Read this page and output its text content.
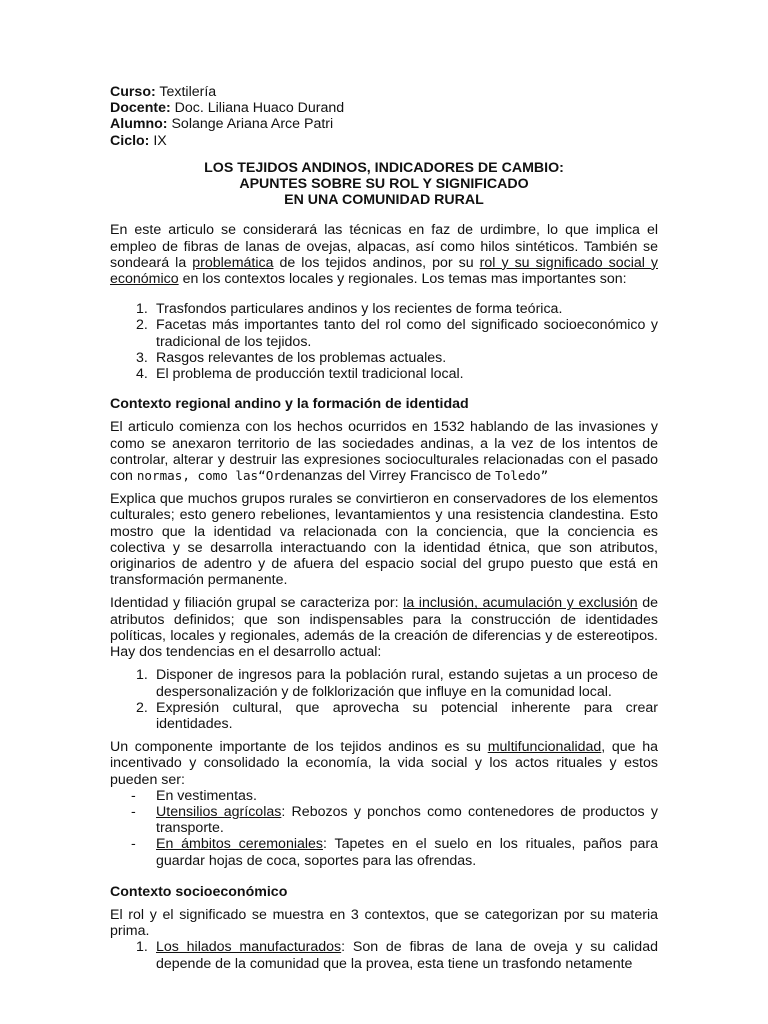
Curso: Textilería
Docente: Doc. Liliana Huaco Durand
Alumno: Solange Ariana Arce Patri
Ciclo: IX
LOS TEJIDOS ANDINOS, INDICADORES DE CAMBIO:
APUNTES SOBRE SU ROL Y SIGNIFICADO
EN UNA COMUNIDAD RURAL

En este articulo se considerará las técnicas en faz de urdimbre, lo que implica el empleo de fibras de lanas de ovejas, alpacas, así como hilos sintéticos. También se sondeará la problemática de los tejidos andinos, por su rol y su significado social y económico en los contextos locales y regionales. Los temas mas importantes son:

1. Trasfondos particulares andinos y los recientes de forma teórica.
2. Facetas más importantes tanto del rol como del significado socioeconómico y tradicional de los tejidos.
3. Rasgos relevantes de los problemas actuales.
4. El problema de producción textil tradicional local.
Contexto regional andino y la formación de identidad

El articulo comienza con los hechos ocurridos en 1532 hablando de las invasiones y como se anexaron territorio de las sociedades andinas, a la vez de los intentos de controlar, alterar y destruir las expresiones socioculturales relacionadas con el pasado con normas, como las“Ordenanzas del Virrey Francisco de Toledo”

Explica que muchos grupos rurales se convirtieron en conservadores de los elementos culturales; esto genero rebeliones, levantamientos y una resistencia clandestina. Esto mostro que la identidad va relacionada con la conciencia, que la conciencia es colectiva y se desarrolla interactuando con la identidad étnica, que son atributos, originarios de adentro y de afuera del espacio social del grupo puesto que está en transformación permanente.

Identidad y filiación grupal se caracteriza por: la inclusión, acumulación y exclusión de atributos definidos; que son indispensables para la construcción de identidades políticas, locales y regionales, además de la creación de diferencias y de estereotipos. Hay dos tendencias en el desarrollo actual:

1. Disponer de ingresos para la población rural, estando sujetas a un proceso de despersonalización y de folklorización que influye en la comunidad local.
2. Expresión cultural, que aprovecha su potencial inherente para crear identidades.

Un componente importante de los tejidos andinos es su multifuncionalidad, que ha incentivado y consolidado la economía, la vida social y los actos rituales y estos pueden ser:

- En vestimentas.
- Utensilios agrícolas: Rebozos y ponchos como contenedores de productos y transporte.
- En ámbitos ceremoniales: Tapetes en el suelo en los rituales, paños para guardar hojas de coca, soportes para las ofrendas.
Contexto socioeconómico

El rol y el significado se muestra en 3 contextos, que se categorizan por su materia prima.

1. Los hilados manufacturados: Son de fibras de lana de oveja y su calidad depende de la comunidad que la provea, esta tiene un trasfondo netamente
